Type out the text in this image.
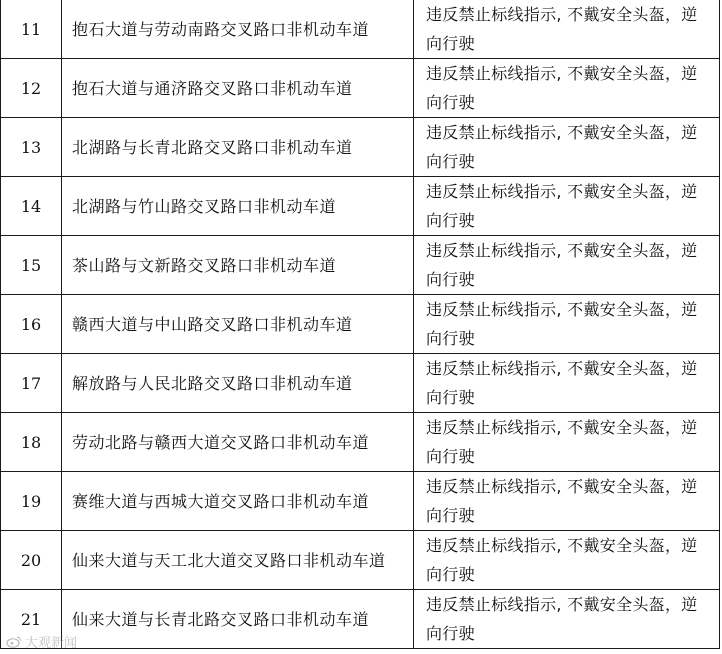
11	抱石大道与劳动南路交叉路口非机动车道	违反禁止标线指示, 不戴安全头盔，逆向行驶
12	抱石大道与通济路交叉路口非机动车道	违反禁止标线指示, 不戴安全头盔，逆向行驶
13	北湖路与长青北路交叉路口非机动车道	违反禁止标线指示, 不戴安全头盔，逆向行驶
14	北湖路与竹山路交叉路口非机动车道	违反禁止标线指示, 不戴安全头盔，逆向行驶
15	茶山路与文新路交叉路口非机动车道	违反禁止标线指示, 不戴安全头盔，逆向行驶
16	赣西大道与中山路交叉路口非机动车道	违反禁止标线指示, 不戴安全头盔，逆向行驶
17	解放路与人民北路交叉路口非机动车道	违反禁止标线指示, 不戴安全头盔，逆向行驶
18	劳动北路与赣西大道交叉路口非机动车道	违反禁止标线指示, 不戴安全头盔，逆向行驶
19	赛维大道与西城大道交叉路口非机动车道	违反禁止标线指示, 不戴安全头盔，逆向行驶
20	仙来大道与天工北大道交叉路口非机动车道	违反禁止标线指示, 不戴安全头盔，逆向行驶
21	仙来大道与长青北路交叉路口非机动车道	违反禁止标线指示, 不戴安全头盔，逆向行驶
大观新闻
